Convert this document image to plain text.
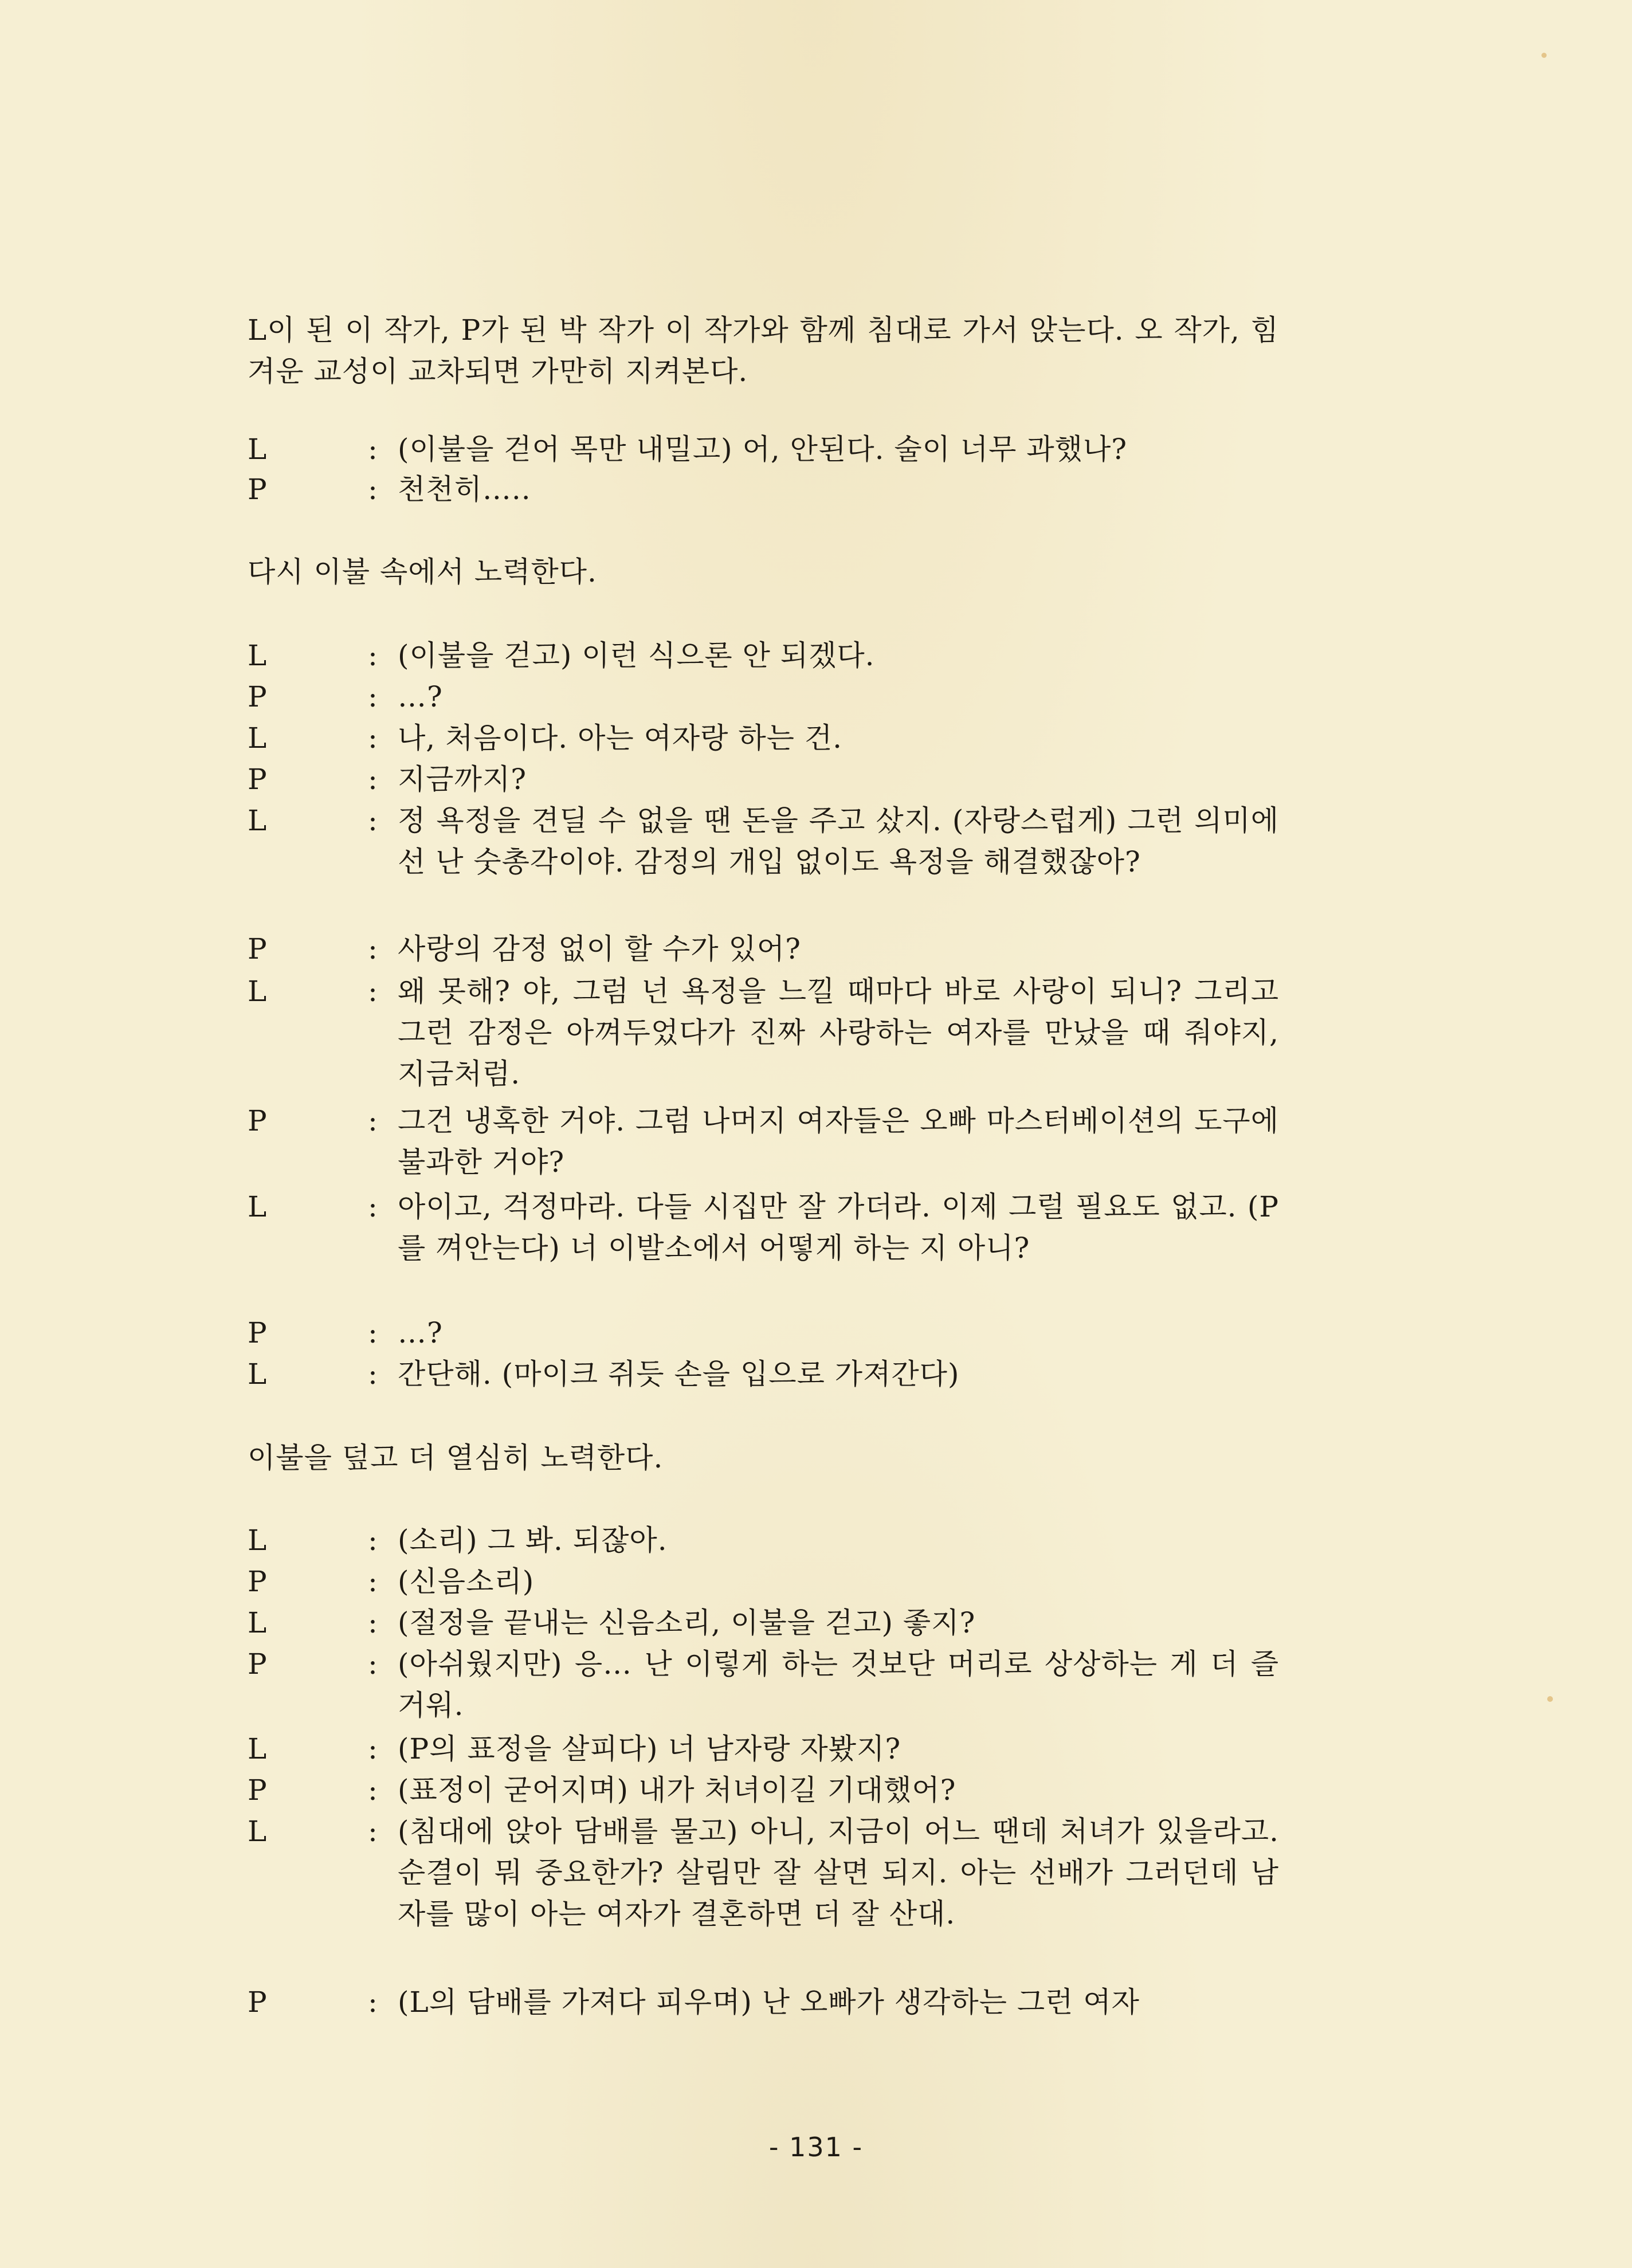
L이 된 이 작가, P가 된 박 작가 이 작가와 함께 침대로 가서 앉는다. 오 작가, 힘겨운 교성이 교차되면 가만히 지켜본다.

L	: (이불을 걷어 목만 내밀고) 어, 안된다. 술이 너무 과했나?
P	: 천천히…..

다시 이불 속에서 노력한다.

L	: (이불을 걷고) 이런 식으론 안 되겠다.
P	: …?
L	: 나, 처음이다. 아는 여자랑 하는 건.
P	: 지금까지?
L	: 정 욕정을 견딜 수 없을 땐 돈을 주고 샀지. (자랑스럽게) 그런 의미에선 난 숫총각이야. 감정의 개입 없이도 욕정을 해결했잖아?
P	: 사랑의 감정 없이 할 수가 있어?
L	: 왜 못해? 야, 그럼 넌 욕정을 느낄 때마다 바로 사랑이 되니? 그리고 그런 감정은 아껴두었다가 진짜 사랑하는 여자를 만났을 때 줘야지, 지금처럼.
P	: 그건 냉혹한 거야. 그럼 나머지 여자들은 오빠 마스터베이션의 도구에 불과한 거야?
L	: 아이고, 걱정마라. 다들 시집만 잘 가더라. 이제 그럴 필요도 없고. (P를 껴안는다) 너 이발소에서 어떻게 하는 지 아니?
P	: …?
L	: 간단해. (마이크 쥐듯 손을 입으로 가져간다)

이불을 덮고 더 열심히 노력한다.

L	: (소리) 그 봐. 되잖아.
P	: (신음소리)
L	: (절정을 끝내는 신음소리, 이불을 걷고) 좋지?
P	: (아쉬웠지만) 응… 난 이렇게 하는 것보단 머리로 상상하는 게 더 즐거워.
L	: (P의 표정을 살피다) 너 남자랑 자봤지?
P	: (표정이 굳어지며) 내가 처녀이길 기대했어?
L	: (침대에 앉아 담배를 물고) 아니, 지금이 어느 땐데 처녀가 있을라고. 순결이 뭐 중요한가? 살림만 잘 살면 되지. 아는 선배가 그러던데 남자를 많이 아는 여자가 결혼하면 더 잘 산대.
P	: (L의 담배를 가져다 피우며) 난 오빠가 생각하는 그런 여자
- 131 -
